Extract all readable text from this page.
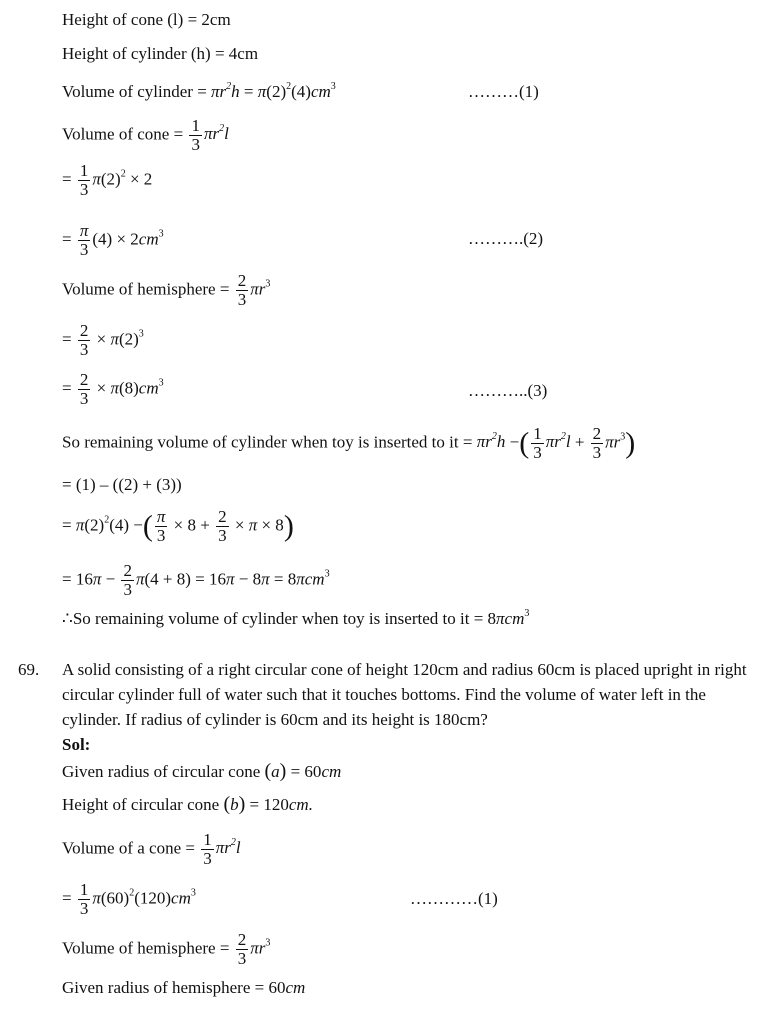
Height of cone (l) = 2cm
Height of cylinder (h) = 4cm
Volume of cylinder = $\pi r^2h = \pi(2)^2(4)cm^3$	………(1)
Volume of cone = $\frac{1}{3} \pi r^2l$
= $\frac{1}{3} \pi(2)^2 \times 2$
= $\frac{\pi}{3} (4) \times 2cm^3$	……….(2)
Volume of hemisphere = $\frac{2}{3} \pi r^3$
= $\frac{2}{3} \times \pi(2)^3$
= $\frac{2}{3} \times \pi(8)cm^3$	………..(3)
So remaining volume of cylinder when toy is inserted to it = $\pi r^2h$ −( $\frac{1}{3} \pi r^2l + \frac{2}{3} \pi r^3$)
= (1) – ((2) + (3))
= $\pi(2)^2(4)$ −( $\frac{\pi}{3} \times 8 + \frac{2}{3} \times \pi \times 8$)
= $16\pi - \frac{2}{3} \pi(4 + 8) = 16\pi - 8\pi = 8\pi cm^3$
∴So remaining volume of cylinder when toy is inserted to it = 8πcm$^3$
69. A solid consisting of a right circular cone of height 120cm and radius 60cm is placed upright in right circular cylinder full of water such that it touches bottoms. Find the volume of water left in the cylinder. If radius of cylinder is 60cm and its height is 180cm?
Sol:
Given radius of circular cone (a) = 60cm
Height of circular cone (b) = 120cm.
Volume of a cone = $\frac{1}{3} \pi r^2l$
= $\frac{1}{3} \pi(60)^2(120)cm^3$	…………(1)
Volume of hemisphere = $\frac{2}{3} \pi r^3$
Given radius of hemisphere = 60cm
